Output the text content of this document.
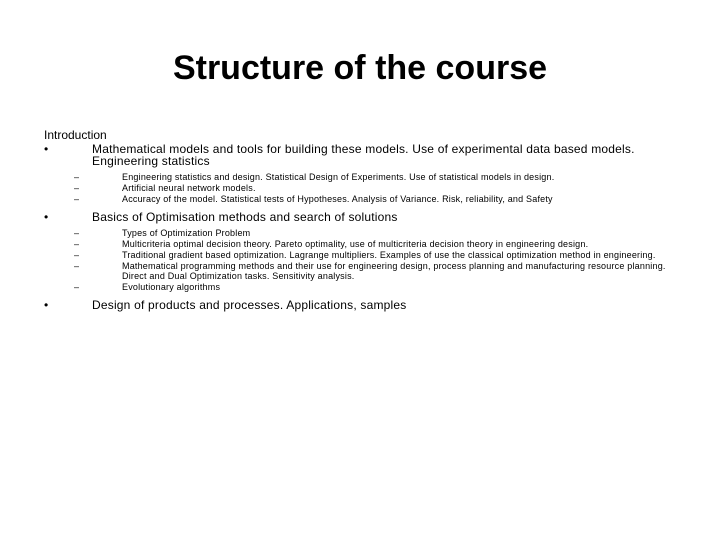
Structure of the course
Introduction
•	Mathematical models and tools for building these models. Use of experimental data based models. Engineering statistics
–	Engineering statistics and design. Statistical Design of Experiments. Use of statistical models in design.
–	Artificial neural network models.
–	Accuracy of the model. Statistical tests of Hypotheses. Analysis of Variance. Risk, reliability, and Safety
•	Basics of Optimisation methods and search of solutions
–	Types of Optimization Problem
–	Multicriteria optimal decision theory. Pareto optimality, use of multicriteria decision theory in engineering design.
–	Traditional gradient based optimization. Lagrange multipliers. Examples of use the classical optimization method in engineering.
–	Mathematical programming methods and their use for engineering design, process planning and manufacturing resource planning. Direct and Dual Optimization tasks. Sensitivity analysis.
–	Evolutionary algorithms
•	Design of products and processes. Applications, samples
